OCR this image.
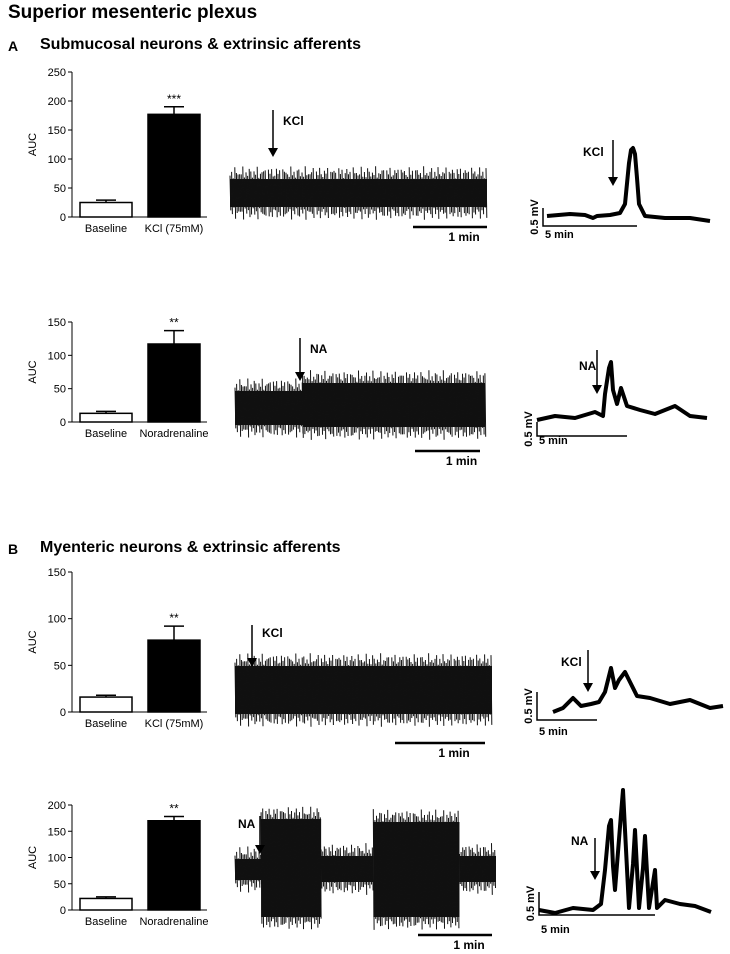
Superior mesenteric plexus
A Submucosal neurons & extrinsic afferents
B Myenteric neurons & extrinsic afferents
0
50
100
150
200
250
AUC
Baseline
***
KCl (75mM)
0
50
100
150
AUC
Baseline
**
Noradrenaline
0
50
100
150
AUC
Baseline
**
KCl (75mM)
0
50
100
150
200
AUC
Baseline
**
Noradrenaline
KCl
1 min
NA
1 min
KCl
1 min
NA
1 min
KCl
5 min
0.5 mV
NA
5 min
0.5 mV
KCl
5 min
0.5 mV
NA
5 min
0.5 mV
